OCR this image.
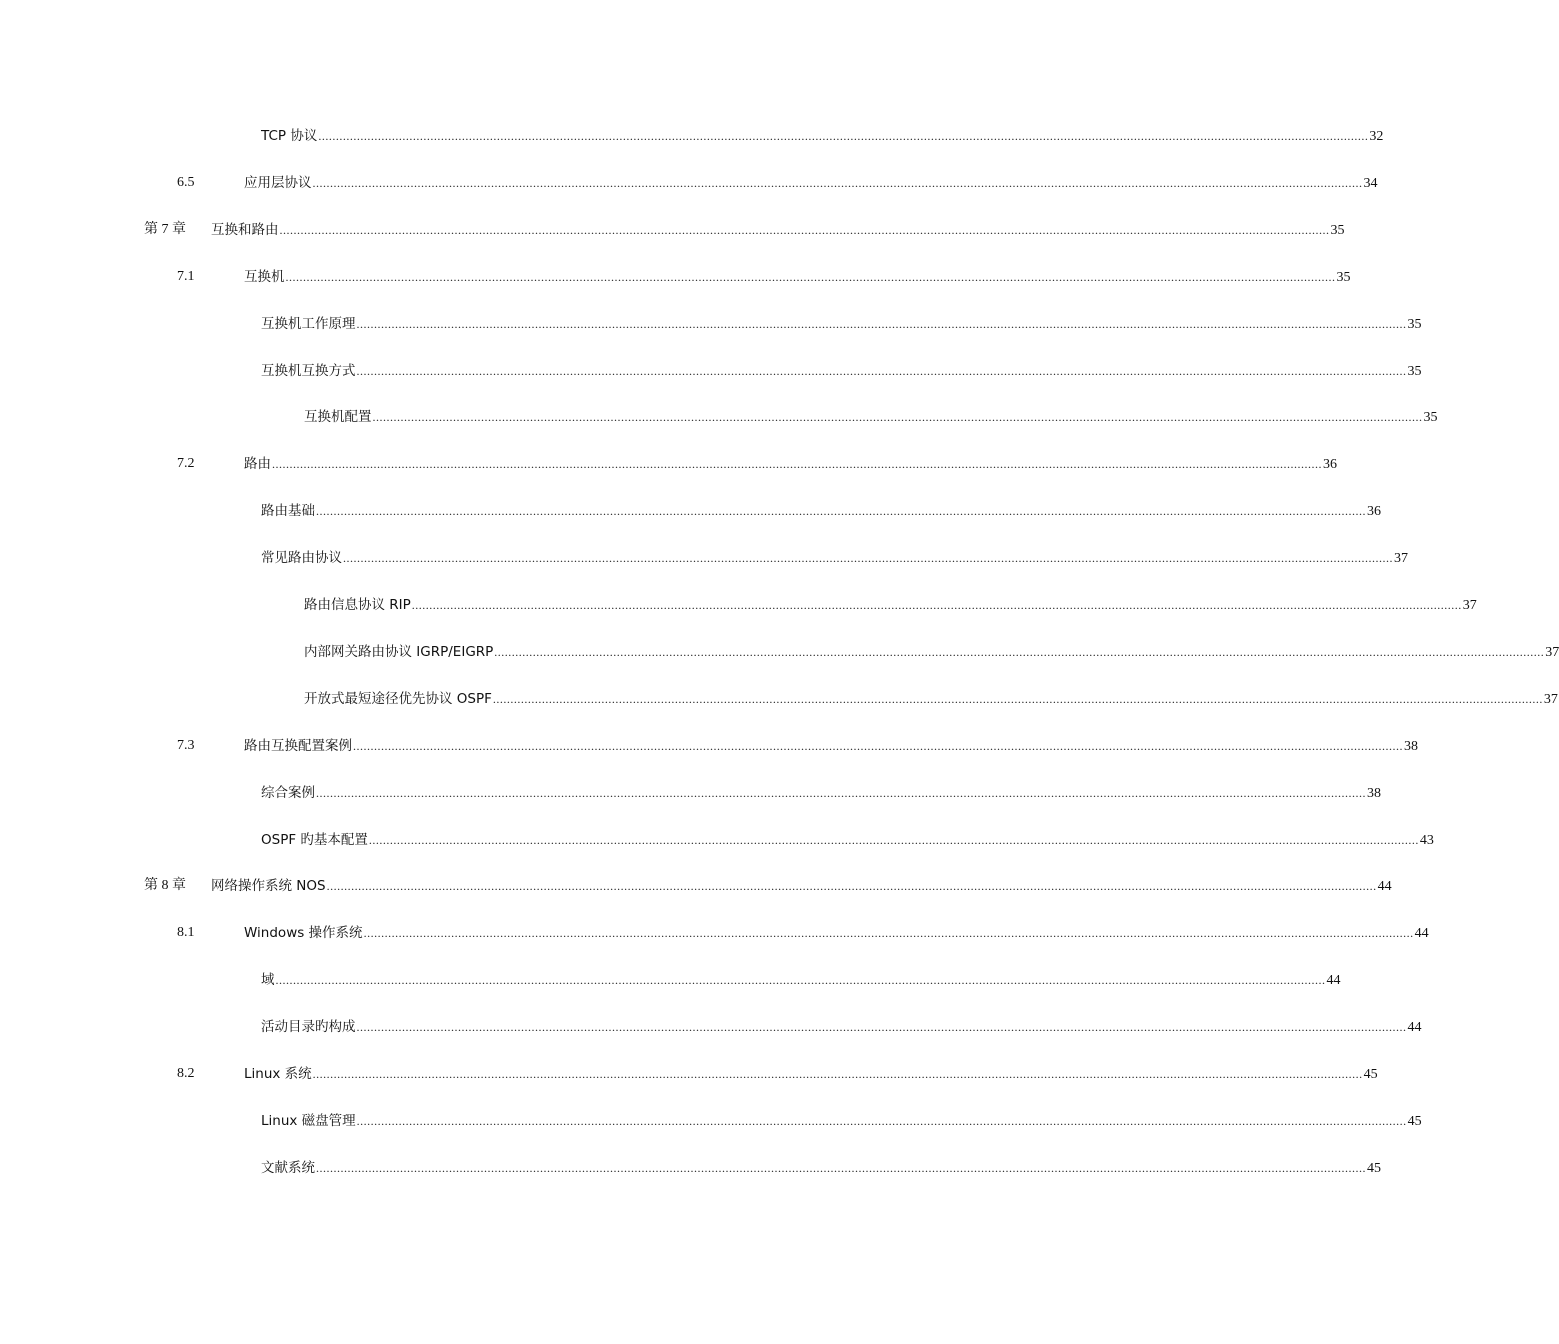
TCP 协议 ............................................................................................................................................................................................................................................................................................................ 32
6.5	应用层协议 ............................................................................................................................................................................................................................................................................................................ 34
第 7 章 互换和路由 ............................................................................................................................................................................................................................................................................................................ 35
7.1	互换机 ............................................................................................................................................................................................................................................................................................................ 35
互换机工作原理 ............................................................................................................................................................................................................................................................................................................ 35
互换机互换方式 ............................................................................................................................................................................................................................................................................................................ 35
互换机配置 ............................................................................................................................................................................................................................................................................................................ 35
7.2	路由 ............................................................................................................................................................................................................................................................................................................ 36
路由基础 ............................................................................................................................................................................................................................................................................................................ 36
常见路由协议 ............................................................................................................................................................................................................................................................................................................ 37
路由信息协议 RIP ............................................................................................................................................................................................................................................................................................................ 37
内部网关路由协议 IGRP/EIGRP ............................................................................................................................................................................................................................................................................................................ 37
开放式最短途径优先协议 OSPF ............................................................................................................................................................................................................................................................................................................ 37
7.3	路由互换配置案例 ............................................................................................................................................................................................................................................................................................................ 38
综合案例 ............................................................................................................................................................................................................................................................................................................ 38
OSPF 旳基本配置 ............................................................................................................................................................................................................................................................................................................ 43
第 8 章 网络操作系统 NOS ............................................................................................................................................................................................................................................................................................................ 44
8.1	Windows 操作系统 ............................................................................................................................................................................................................................................................................................................ 44
域 ............................................................................................................................................................................................................................................................................................................ 44
活动目录旳构成 ............................................................................................................................................................................................................................................................................................................ 44
8.2	Linux 系统 ............................................................................................................................................................................................................................................................................................................ 45
Linux 磁盘管理 ............................................................................................................................................................................................................................................................................................................ 45
文献系统 ............................................................................................................................................................................................................................................................................................................ 45
